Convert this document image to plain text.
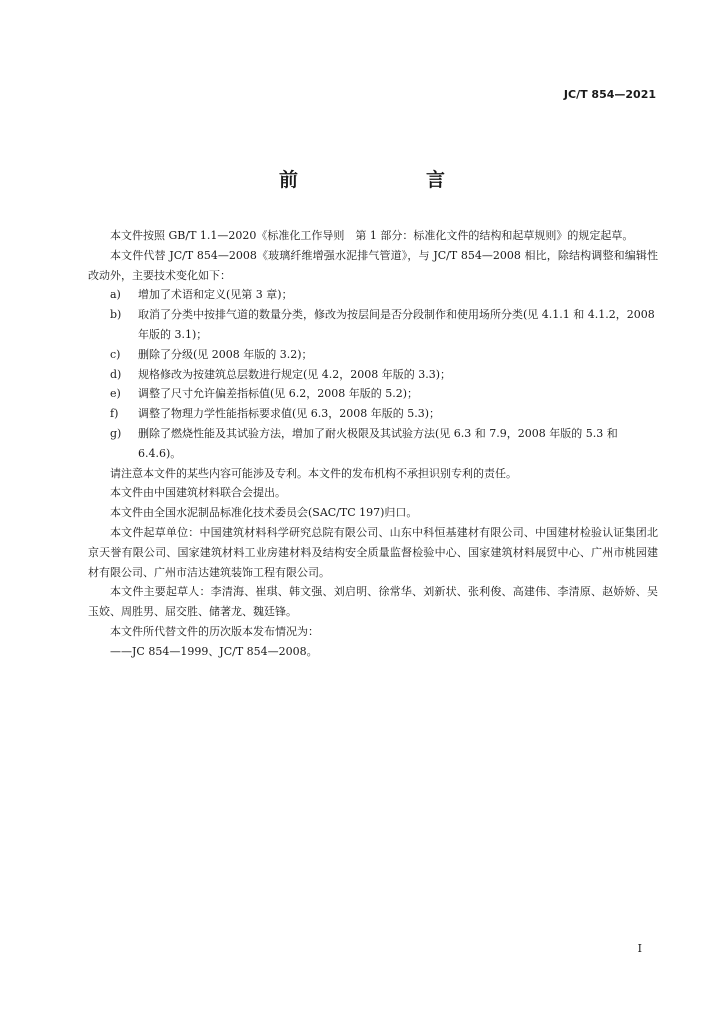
JC/T 854—2021
前　　言

本文件按照 GB/T 1.1—2020《标准化工作导则　第 1 部分：标准化文件的结构和起草规则》的规定起草。

本文件代替 JC/T 854—2008《玻璃纤维增强水泥排气管道》，与 JC/T 854—2008 相比，除结构调整和编辑性改动外，主要技术变化如下：

a) 增加了术语和定义(见第 3 章)；
b) 取消了分类中按排气道的数量分类，修改为按层间是否分段制作和使用场所分类(见 4.1.1 和 4.1.2，2008 年版的 3.1)；
c) 删除了分级(见 2008 年版的 3.2)；
d) 规格修改为按建筑总层数进行规定(见 4.2，2008 年版的 3.3)；
e) 调整了尺寸允许偏差指标值(见 6.2，2008 年版的 5.2)；
f) 调整了物理力学性能指标要求值(见 6.3，2008 年版的 5.3)；
g) 删除了燃烧性能及其试验方法，增加了耐火极限及其试验方法(见 6.3 和 7.9，2008 年版的 5.3 和 6.4.6)。

请注意本文件的某些内容可能涉及专利。本文件的发布机构不承担识别专利的责任。

本文件由中国建筑材料联合会提出。

本文件由全国水泥制品标准化技术委员会(SAC/TC 197)归口。

本文件起草单位：中国建筑材料科学研究总院有限公司、山东中科恒基建材有限公司、中国建材检验认证集团北京天誉有限公司、国家建筑材料工业房建材料及结构安全质量监督检验中心、国家建筑材料展贸中心、广州市桃园建材有限公司、广州市洁达建筑装饰工程有限公司。

本文件主要起草人：李清海、崔琪、韩文强、刘启明、徐常华、刘新状、张利俊、高建伟、李清原、赵娇娇、吴玉姣、周胜男、屈交胜、储著龙、魏廷锋。

本文件所代替文件的历次版本发布情况为：

——JC 854—1999、JC/T 854—2008。

I
